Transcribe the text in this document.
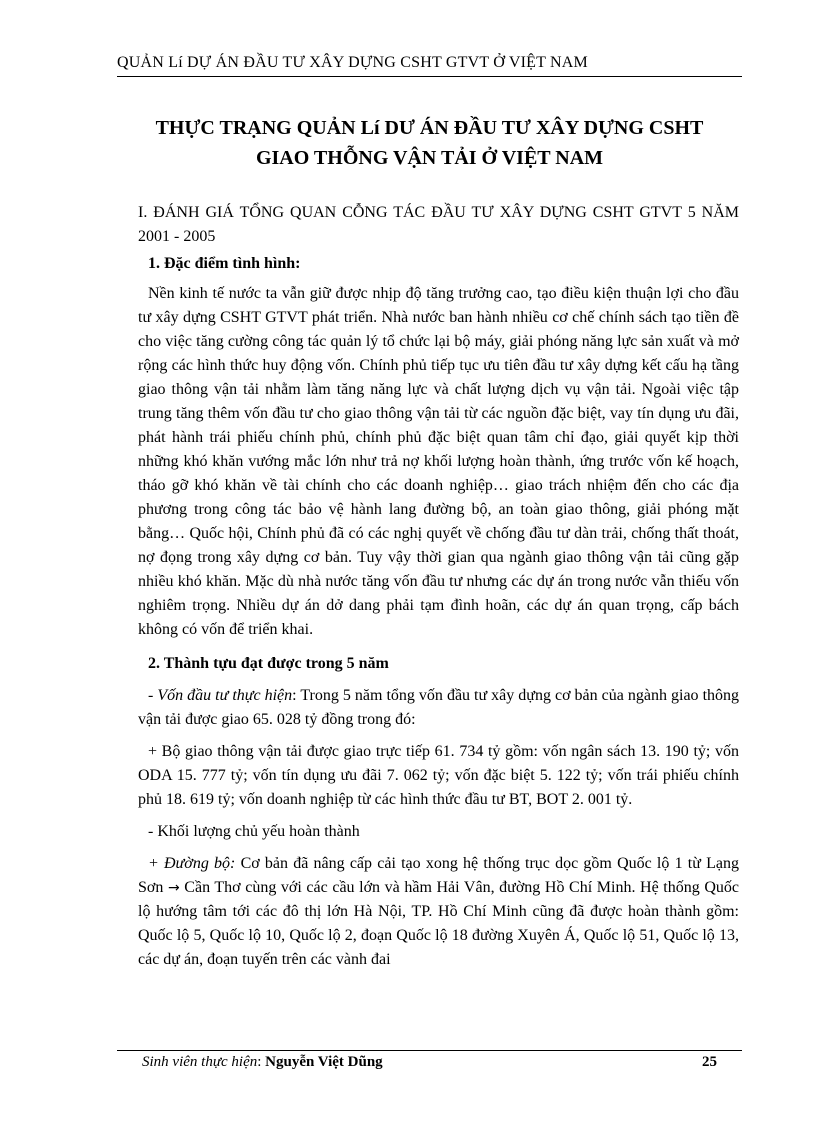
QUẢN Lí DỰ ÁN ĐẦU TƯ XÂY DỰNG CSHT GTVT Ở VIỆT NAM
THỰC TRẠNG QUẢN Lí DƯ ÁN ĐẦU TƯ XÂY DỰNG CSHT
GIAO THỖNG VẬN TẢI Ở VIỆT NAM

I. ĐÁNH GIÁ TỔNG QUAN CỖNG TÁC ĐẦU TƯ XÂY DỰNG CSHT GTVT 5 NĂM 2001 - 2005

1. Đặc điểm tình hình:

Nền kinh tế nước ta vẫn giữ được nhịp độ tăng trưởng cao, tạo điều kiện thuận lợi cho đầu tư xây dựng CSHT GTVT phát triển. Nhà nước ban hành nhiều cơ chế chính sách tạo tiền đề cho việc tăng cường công tác quản lý tổ chức lại bộ máy, giải phóng năng lực sản xuất và mở rộng các hình thức huy động vốn. Chính phủ tiếp tục ưu tiên đầu tư xây dựng kết cấu hạ tầng giao thông vận tải nhằm làm tăng năng lực và chất lượng dịch vụ vận tải. Ngoài việc tập trung tăng thêm vốn đầu tư cho giao thông vận tải từ các nguồn đặc biệt, vay tín dụng ưu đãi, phát hành trái phiếu chính phủ, chính phủ đặc biệt quan tâm chỉ đạo, giải quyết kịp thời những khó khăn vướng mắc lớn như trả nợ khối lượng hoàn thành, ứng trước vốn kế hoạch, tháo gỡ khó khăn về tài chính cho các doanh nghiệp… giao trách nhiệm đến cho các địa phương trong công tác bảo vệ hành lang đường bộ, an toàn giao thông, giải phóng mặt bằng… Quốc hội, Chính phủ đã có các nghị quyết về chống đầu tư dàn trải, chống thất thoát, nợ đọng trong xây dựng cơ bản. Tuy vậy thời gian qua ngành giao thông vận tải cũng gặp nhiều khó khăn. Mặc dù nhà nước tăng vốn đầu tư nhưng các dự án trong nước vẫn thiếu vốn nghiêm trọng. Nhiều dự án dở dang phải tạm đình hoãn, các dự án quan trọng, cấp bách không có vốn để triển khai.

2. Thành tựu đạt được trong 5 năm

- Vốn đầu tư thực hiện: Trong 5 năm tổng vốn đầu tư xây dựng cơ bản của ngành giao thông vận tải được giao 65. 028 tỷ đồng trong đó:

+ Bộ giao thông vận tải được giao trực tiếp 61. 734 tỷ gồm: vốn ngân sách 13. 190 tỷ; vốn ODA 15. 777 tỷ; vốn tín dụng ưu đãi 7. 062 tỷ; vốn đặc biệt 5. 122 tỷ; vốn trái phiếu chính phủ 18. 619 tỷ; vốn doanh nghiệp từ các hình thức đầu tư BT, BOT 2. 001 tỷ.

- Khối lượng chủ yếu hoàn thành

+ Đường bộ: Cơ bản đã nâng cấp cải tạo xong hệ thống trục dọc gồm Quốc lộ 1 từ Lạng Sơn → Cần Thơ cùng với các cầu lớn và hầm Hải Vân, đường Hồ Chí Minh. Hệ thống Quốc lộ hướng tâm tới các đô thị lớn Hà Nội, TP. Hồ Chí Minh cũng đã được hoàn thành gồm: Quốc lộ 5, Quốc lộ 10, Quốc lộ 2, đoạn Quốc lộ 18 đường Xuyên Á, Quốc lộ 51, Quốc lộ 13, các dự án, đoạn tuyến trên các vành đai

Sinh viên thực hiện: Nguyễn Việt Dũng	25
